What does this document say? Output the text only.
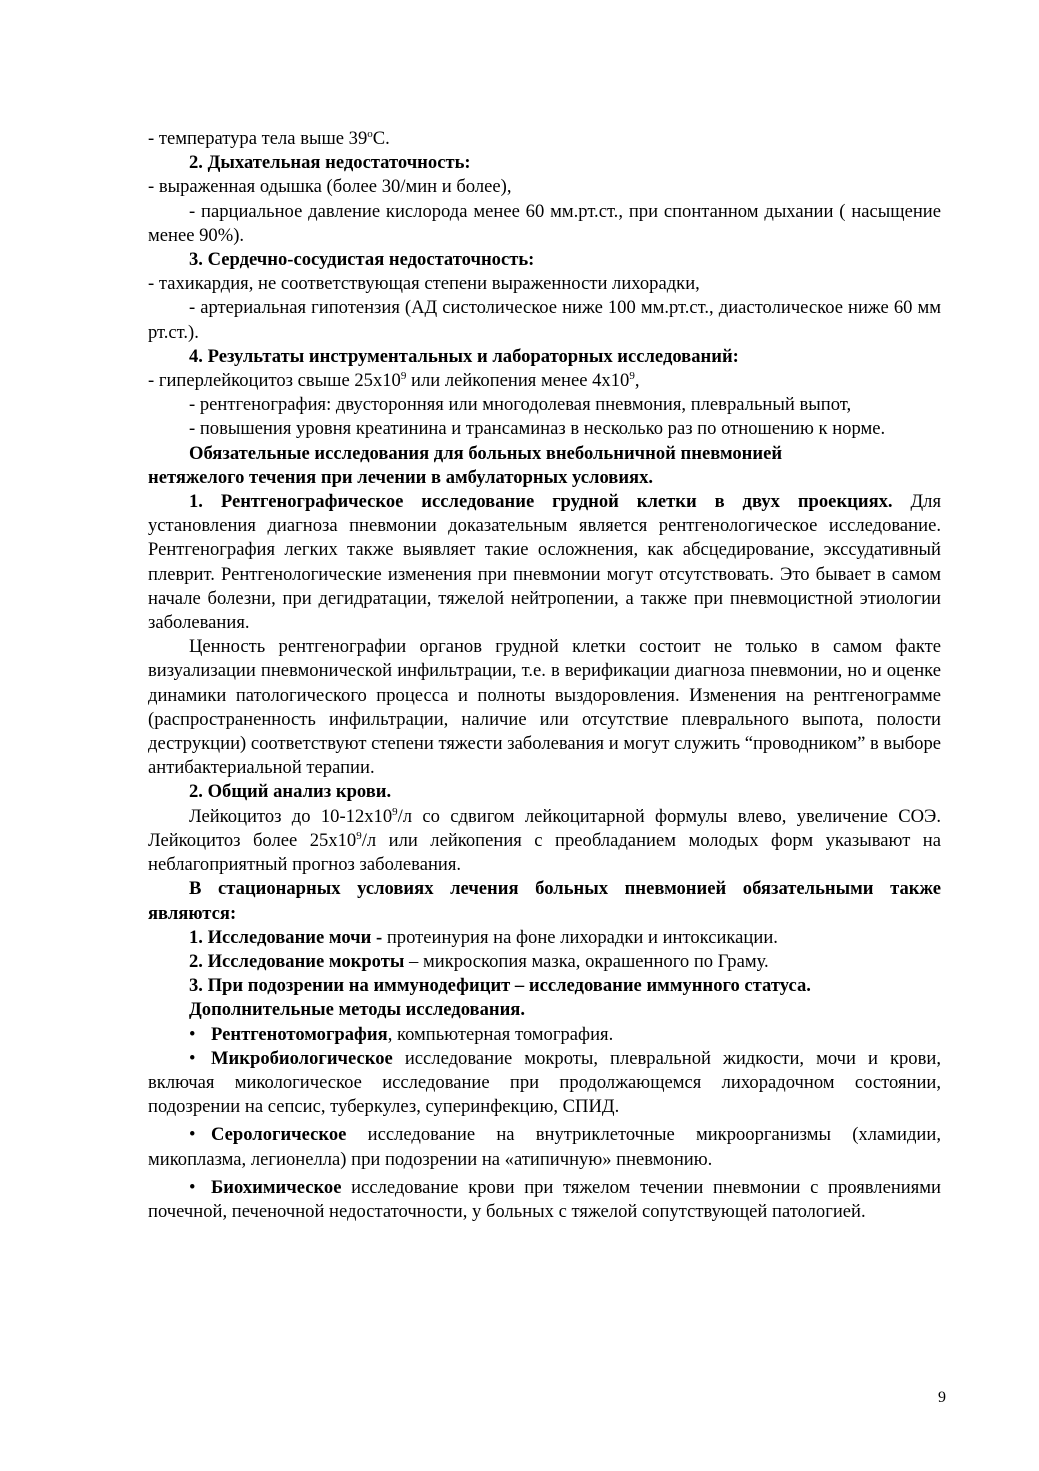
- температура тела выше $39^оС$.

2. Дыхательная недостаточность:

- выраженная одышка (более 30/мин и более),

- парциальное давление кислорода менее 60 мм.рт.ст., при спонтанном дыхании ( насыщение менее 90%).

3. Сердечно-сосудистая недостаточность:

- тахикардия, не соответствующая степени выраженности лихорадки,

- артериальная гипотензия (АД систолическое ниже 100 мм.рт.ст., диастолическое ниже 60 мм рт.ст.).

4. Результаты инструментальных и лабораторных исследований:

- гиперлейкоцитоз свыше $25х10^9$ или лейкопения менее $4х10^9$,

- рентгенография: двусторонняя или многодолевая пневмония, плевральный выпот,

- повышения уровня креатинина и трансаминаз в несколько раз по отношению к норме.

Обязательные исследования для больных внебольничной пневмонией

нетяжелого течения при лечении в амбулаторных условиях.

1. Рентгенографическое исследование грудной клетки в двух проекциях. Для установления диагноза пневмонии доказательным является рентгенологическое исследование. Рентгенография легких также выявляет такие осложнения, как абсцедирование, экссудативный плеврит. Рентгенологические изменения при пневмонии могут отсутствовать. Это бывает в самом начале болезни, при дегидратации, тяжелой нейтропении, а также при пневмоцистной этиологии заболевания.

Ценность рентгенографии органов грудной клетки состоит не только в самом факте визуализации пневмонической инфильтрации, т.е. в верификации диагноза пневмонии, но и оценке динамики патологического процесса и полноты выздоровления. Изменения на рентгенограмме (распространенность инфильтрации, наличие или отсутствие плеврального выпота, полости деструкции) соответствуют степени тяжести заболевания и могут служить “проводником” в выборе антибактериальной терапии.

2. Общий анализ крови.

Лейкоцитоз до $10-12х10^9/л$ со сдвигом лейкоцитарной формулы влево, увеличение СОЭ. Лейкоцитоз более $25х10^9/л$ или лейкопения с преобладанием молодых форм указывают на неблагоприятный прогноз заболевания.

В стационарных условиях лечения больных пневмонией обязательными также являются:

1. Исследование мочи - протеинурия на фоне лихорадки и интоксикации.

2. Исследование мокроты – микроскопия мазка, окрашенного по Граму.

3. При подозрении на иммунодефицит – исследование иммунного статуса.

Дополнительные методы исследования.

• Рентгенотомография, компьютерная томография.

• Микробиологическое исследование мокроты, плевральной жидкости, мочи и крови, включая микологическое исследование при продолжающемся лихорадочном состоянии, подозрении на сепсис, туберкулез, суперинфекцию, СПИД.

• Серологическое исследование на внутриклеточные микроорганизмы (хламидии, микоплазма, легионелла) при подозрении на «атипичную» пневмонию.

• Биохимическое исследование крови при тяжелом течении пневмонии с проявлениями почечной, печеночной недостаточности, у больных с тяжелой сопутствующей патологией.

9
